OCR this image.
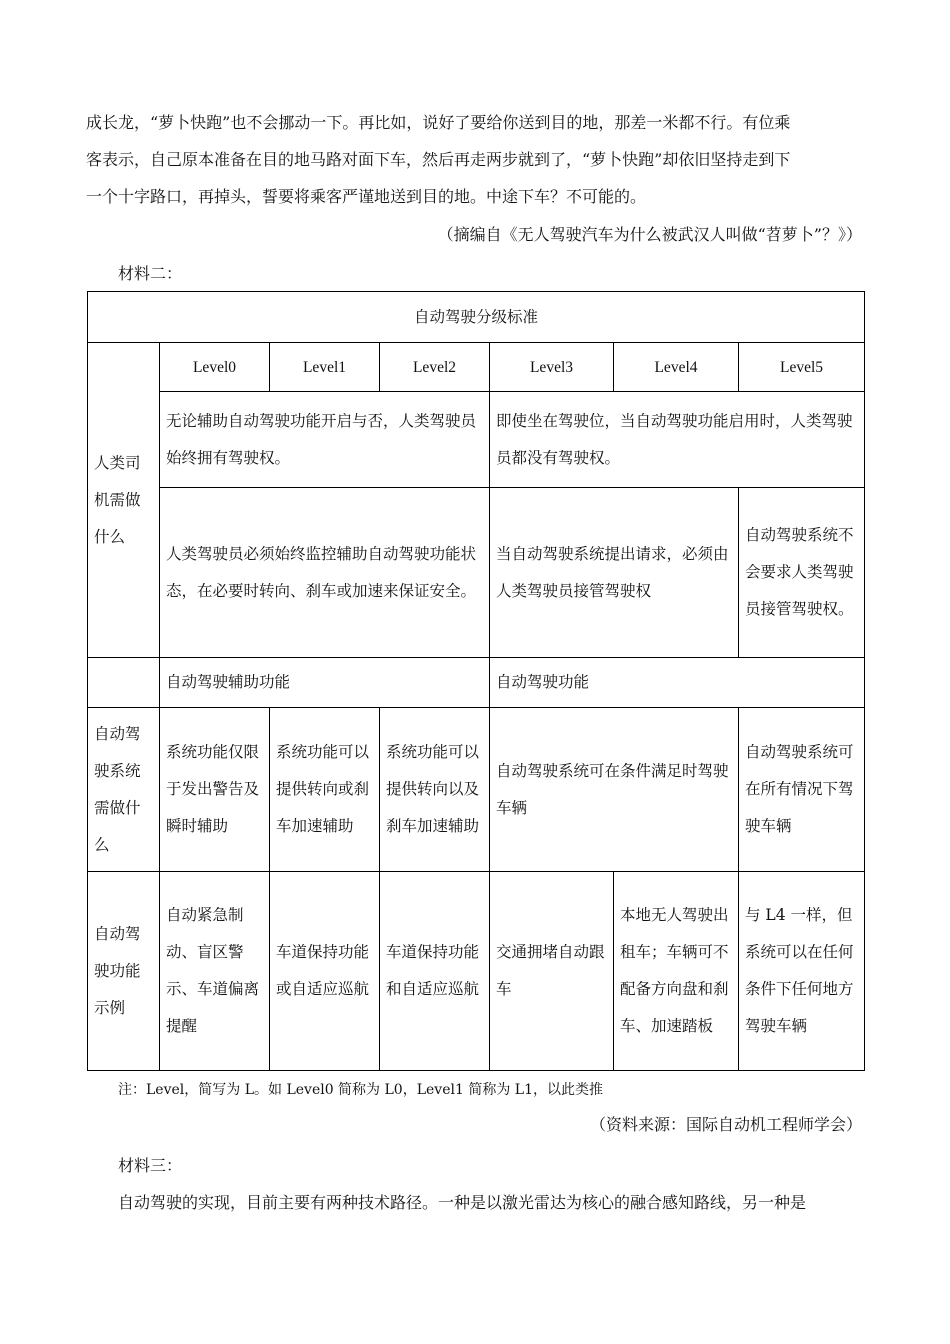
成长龙，“萝卜快跑”也不会挪动一下。再比如，说好了要给你送到目的地，那差一米都不行。有位乘
客表示，自己原本准备在目的地马路对面下车，然后再走两步就到了，“萝卜快跑”却依旧坚持走到下
一个十字路口，再掉头，誓要将乘客严谨地送到目的地。中途下车？不可能的。
（摘编自《无人驾驶汽车为什么被武汉人叫做“苕萝卜”？》）
材料二：
自动驾驶分级标准						
人类司机需做什么	Level0	Level1	Level2	Level3	Level4	Level5
	无论辅助自动驾驶功能开启与否，人类驾驶员始终拥有驾驶权。			即使坐在驾驶位，当自动驾驶功能启用时，人类驾驶员都没有驾驶权。		
	人类驾驶员必须始终监控辅助自动驾驶功能状态，在必要时转向、刹车或加速来保证安全。			当自动驾驶系统提出请求，必须由人类驾驶员接管驾驶权		自动驾驶系统不会要求人类驾驶员接管驾驶权。
	自动驾驶辅助功能			自动驾驶功能		
自动驾驶系统需做什么	系统功能仅限于发出警告及瞬时辅助	系统功能可以提供转向或刹车加速辅助	系统功能可以提供转向以及刹车加速辅助	自动驾驶系统可在条件满足时驾驶车辆		自动驾驶系统可在所有情况下驾驶车辆
自动驾驶功能示例	自动紧急制动、盲区警示、车道偏离提醒	车道保持功能或自适应巡航	车道保持功能和自适应巡航	交通拥堵自动跟车	本地无人驾驶出租车；车辆可不配备方向盘和刹车、加速踏板	与 L4 一样，但系统可以在任何条件下任何地方驾驶车辆
注：Level，简写为 L。如 Level0 简称为 L0，Level1 简称为 L1，以此类推
（资料来源：国际自动机工程师学会）
材料三：
自动驾驶的实现，目前主要有两种技术路径。一种是以激光雷达为核心的融合感知路线，另一种是
